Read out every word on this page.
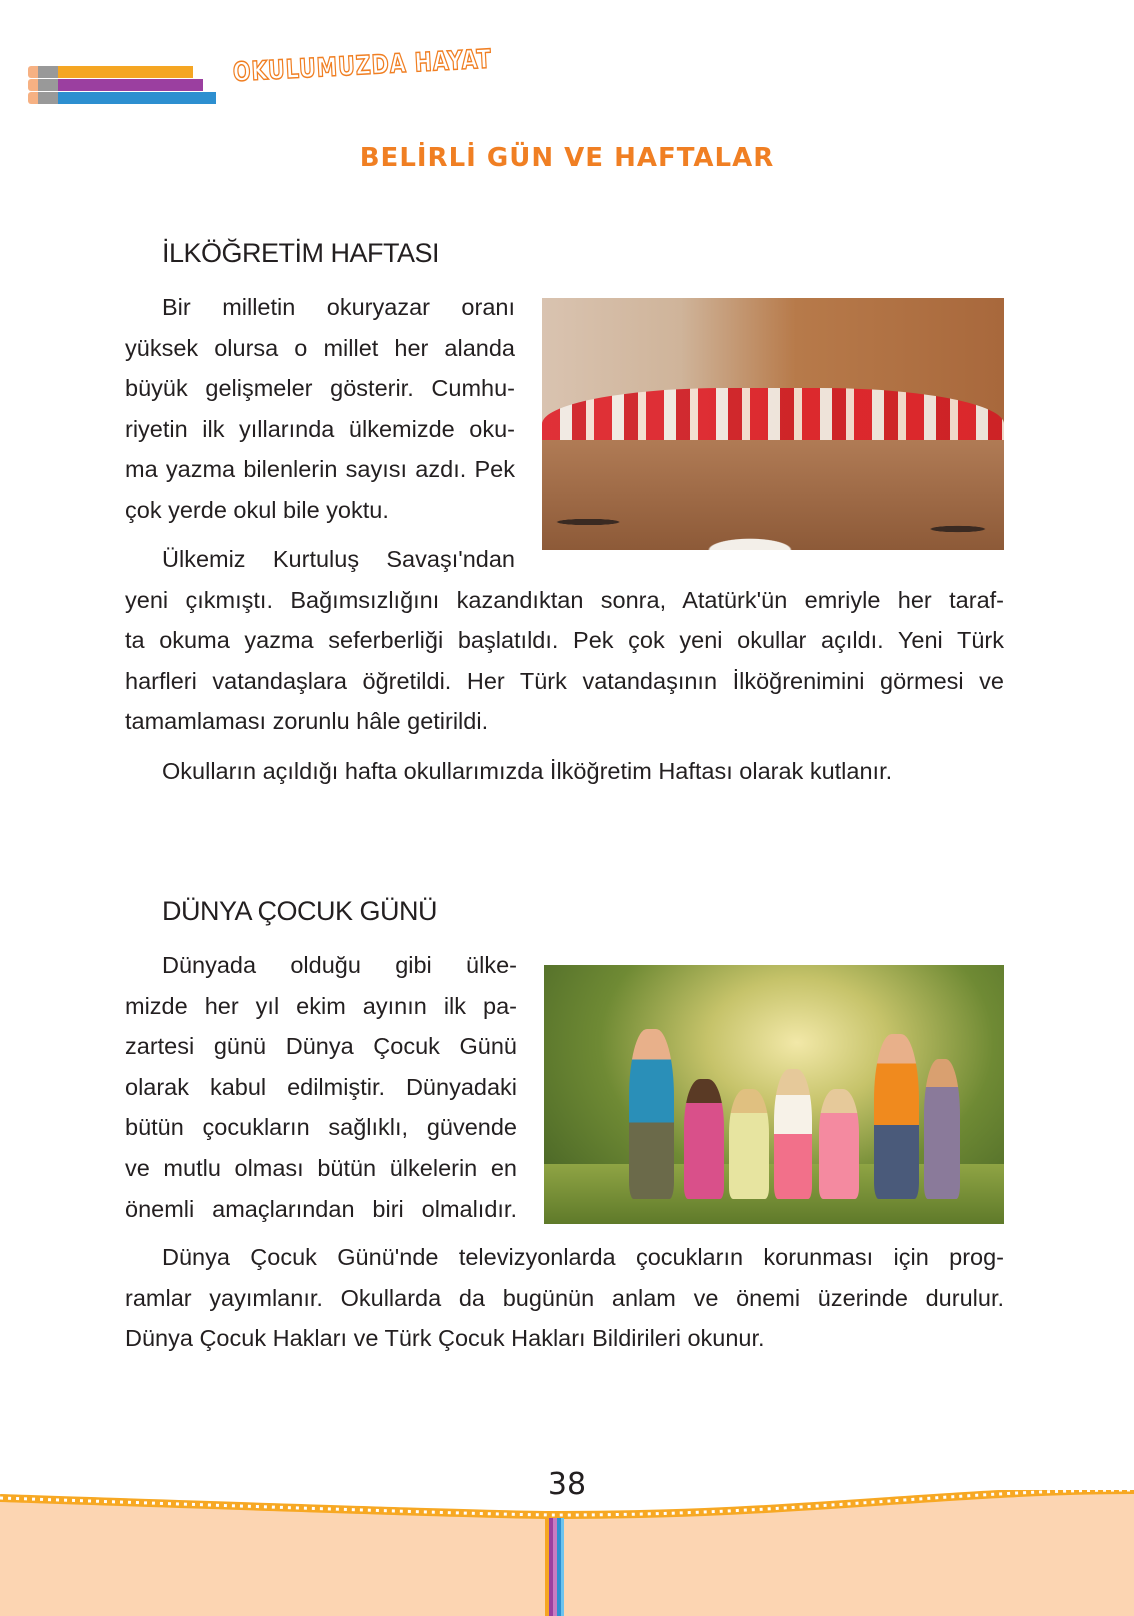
OKULUMUZDA HAYAT
BELİRLİ GÜN VE HAFTALAR
İLKÖĞRETİM HAFTASI
Bir milletin okuryazar oranı
yüksek olursa o millet her alanda
büyük gelişmeler gösterir. Cumhu-
riyetin ilk yıllarında ülkemizde oku-
ma yazma bilenlerin sayısı azdı. Pek
çok yerde okul bile yoktu.
Ülkemiz Kurtuluş Savaşı'ndan
yeni çıkmıştı. Bağımsızlığını kazandıktan sonra, Atatürk'ün emriyle her taraf-
ta okuma yazma seferberliği başlatıldı. Pek çok yeni okullar açıldı. Yeni Türk
harfleri vatandaşlara öğretildi. Her Türk vatandaşının İlköğrenimini görmesi ve
tamamlaması zorunlu hâle getirildi.
Okulların açıldığı hafta okullarımızda İlköğretim Haftası olarak kutlanır.
DÜNYA ÇOCUK GÜNÜ
Dünyada olduğu gibi ülke-
mizde her yıl ekim ayının ilk pa-
zartesi günü Dünya Çocuk Günü
olarak kabul edilmiştir. Dünyadaki
bütün çocukların sağlıklı, güvende
ve mutlu olması bütün ülkelerin en
önemli amaçlarından biri olmalıdır.
Dünya Çocuk Günü'nde televizyonlarda çocukların korunması için prog-
ramlar yayımlanır. Okullarda da bugünün anlam ve önemi üzerinde durulur.
Dünya Çocuk Hakları ve Türk Çocuk Hakları Bildirileri okunur.
38
